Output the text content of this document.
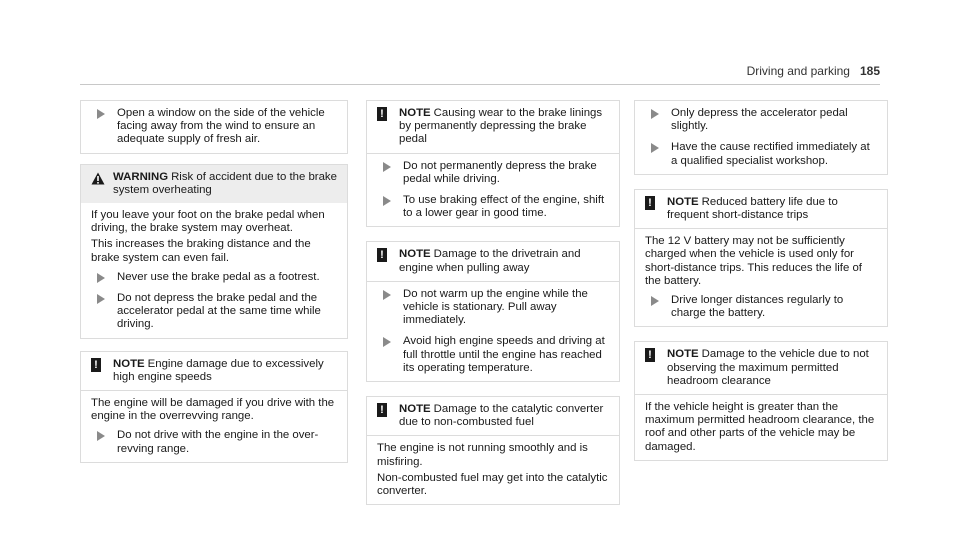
Driving and parking 185
Open a window on the side of the vehicle facing away from the wind to ensure an adequate supply of fresh air.
WARNING Risk of accident due to the brake system overheating
If you leave your foot on the brake pedal when driving, the brake system may overheat.
This increases the braking distance and the brake system can even fail.
Never use the brake pedal as a footrest.
Do not depress the brake pedal and the accelerator pedal at the same time while driving.
! NOTE Engine damage due to excessively high engine speeds
The engine will be damaged if you drive with the engine in the overrevving range.
Do not drive with the engine in the over-revving range.
! NOTE Causing wear to the brake linings by permanently depressing the brake pedal
Do not permanently depress the brake pedal while driving.
To use braking effect of the engine, shift to a lower gear in good time.
! NOTE Damage to the drivetrain and engine when pulling away
Do not warm up the engine while the vehicle is stationary. Pull away immediately.
Avoid high engine speeds and driving at full throttle until the engine has reached its operating temperature.
! NOTE Damage to the catalytic converter due to non-combusted fuel
The engine is not running smoothly and is misfiring.
Non-combusted fuel may get into the catalytic converter.
Only depress the accelerator pedal slightly.
Have the cause rectified immediately at a qualified specialist workshop.
! NOTE Reduced battery life due to frequent short-distance trips
The 12 V battery may not be sufficiently charged when the vehicle is used only for short-distance trips. This reduces the life of the battery.
Drive longer distances regularly to charge the battery.
! NOTE Damage to the vehicle due to not observing the maximum permitted headroom clearance
If the vehicle height is greater than the maximum permitted headroom clearance, the roof and other parts of the vehicle may be damaged.
